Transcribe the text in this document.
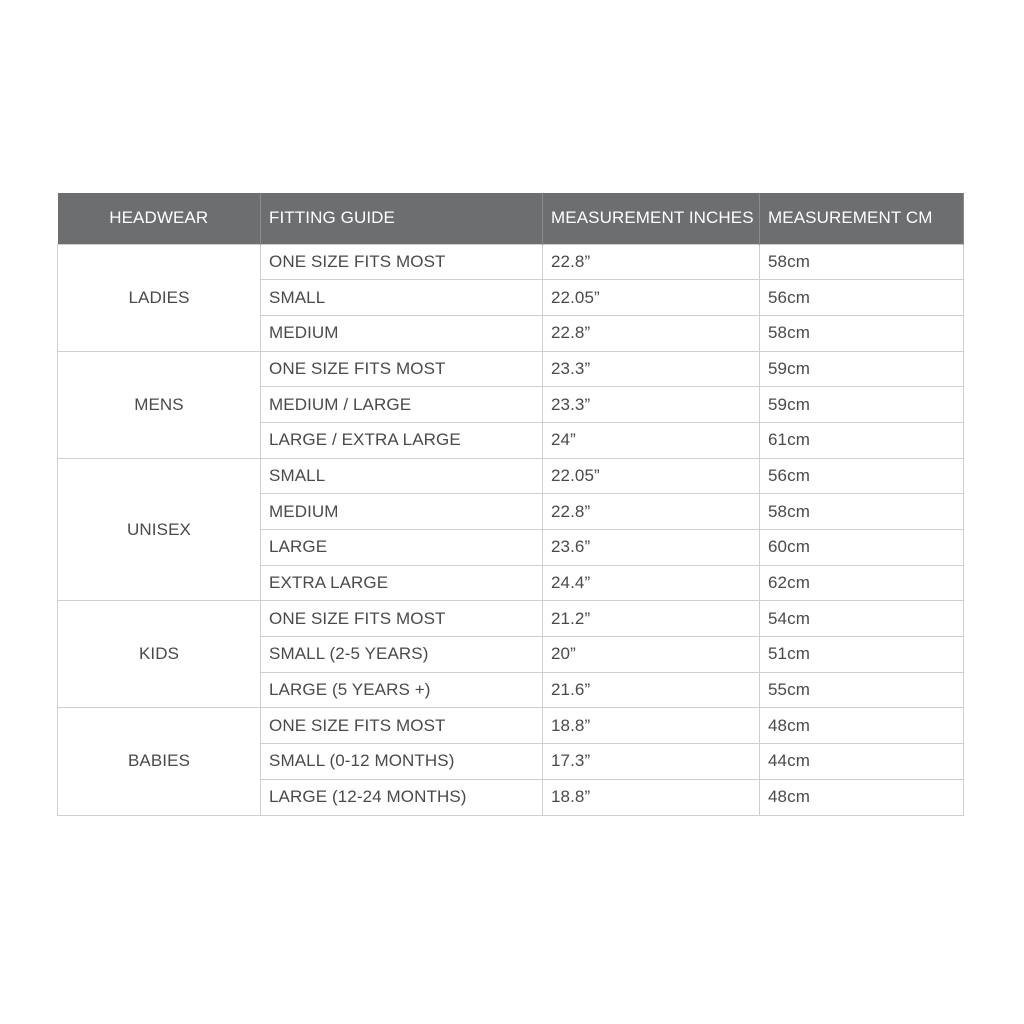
HEADWEAR	FITTING GUIDE	MEASUREMENT INCHES	MEASUREMENT CM
LADIES	ONE SIZE FITS MOST	22.8”	58cm
	SMALL	22.05”	56cm
	MEDIUM	22.8”	58cm
MENS	ONE SIZE FITS MOST	23.3”	59cm
	MEDIUM / LARGE	23.3”	59cm
	LARGE / EXTRA LARGE	24”	61cm
UNISEX	SMALL	22.05”	56cm
	MEDIUM	22.8”	58cm
	LARGE	23.6”	60cm
	EXTRA LARGE	24.4”	62cm
KIDS	ONE SIZE FITS MOST	21.2”	54cm
	SMALL (2-5 YEARS)	20”	51cm
	LARGE (5 YEARS +)	21.6”	55cm
BABIES	ONE SIZE FITS MOST	18.8”	48cm
	SMALL (0-12 MONTHS)	17.3”	44cm
	LARGE (12-24 MONTHS)	18.8”	48cm
